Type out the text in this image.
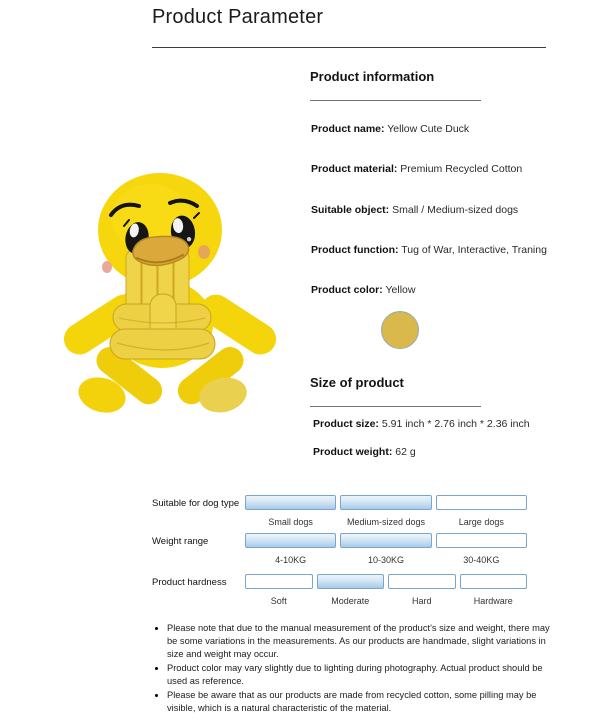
Product Parameter
Product information
Product name: Yellow Cute Duck
Product material: Premium Recycled Cotton
Suitable object: Small / Medium-sized dogs
Product function: Tug of War, Interactive, Traning
Product color: Yellow
Size of product
Product size: 5.91 inch * 2.76 inch * 2.36 inch
Product weight: 62 g
Suitable for dog type
Small dogs	Medium-sized dogs	Large dogs
Weight range
4-10KG	10-30KG	30-40KG
Product hardness
Soft	Moderate	Hard	Hardware
• Please note that due to the manual measurement of the product's size and weight, there may be some variations in the measurements. As our products are handmade, slight variations in size and weight may occur.
• Product color may vary slightly due to lighting during photography. Actual product should be used as reference.
• Please be aware that as our products are made from recycled cotton, some pilling may be visible, which is a natural characteristic of the material.
